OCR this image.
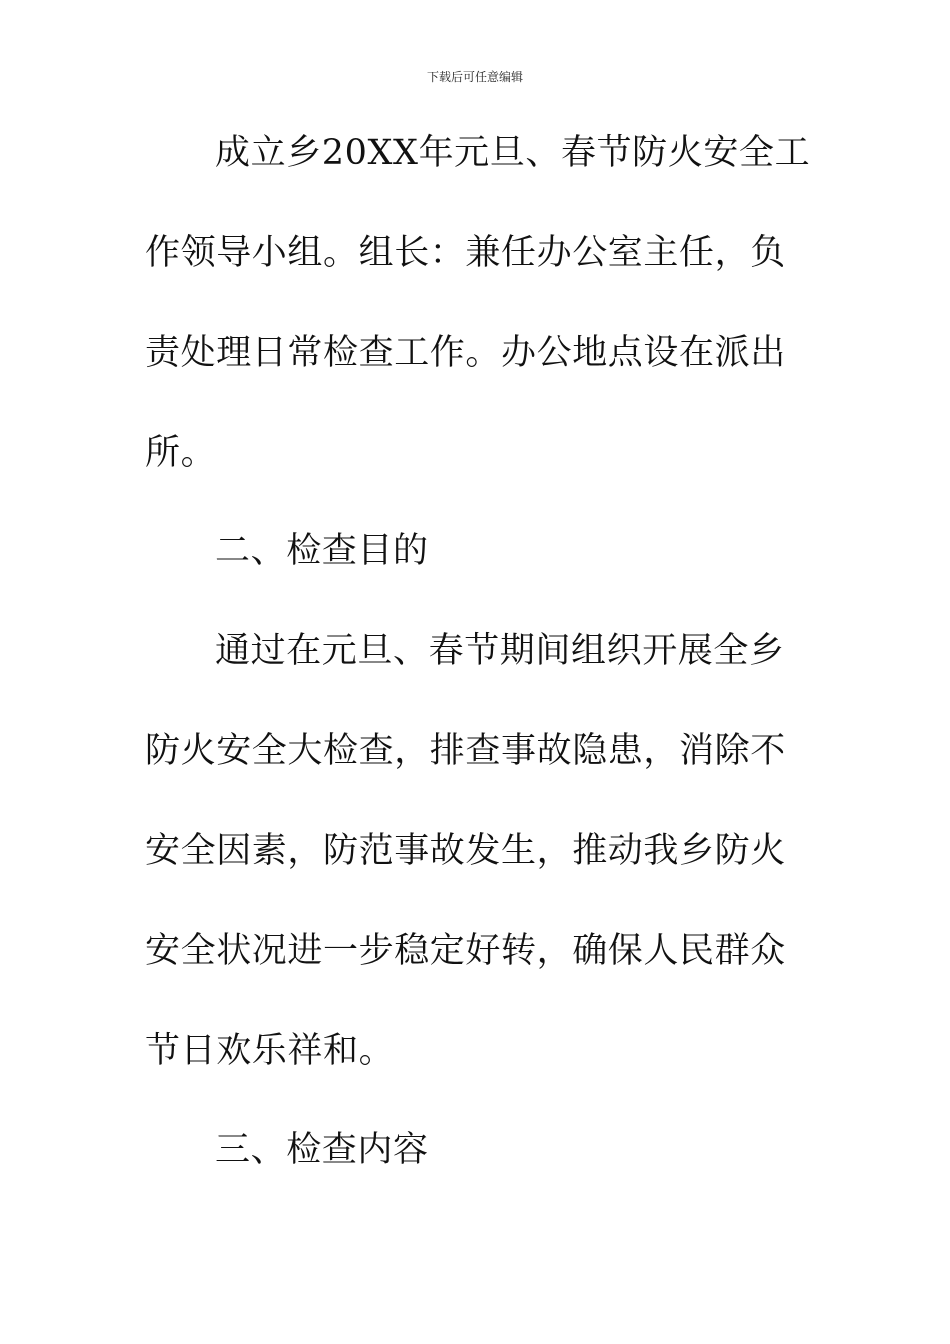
下载后可任意编辑
成立乡20XX年元旦、春节防火安全工
作领导小组。组长：兼任办公室主任，负
责处理日常检查工作。办公地点设在派出
所。
二、检查目的
通过在元旦、春节期间组织开展全乡
防火安全大检查，排查事故隐患，消除不
安全因素，防范事故发生，推动我乡防火
安全状况进一步稳定好转，确保人民群众
节日欢乐祥和。
三、检查内容
